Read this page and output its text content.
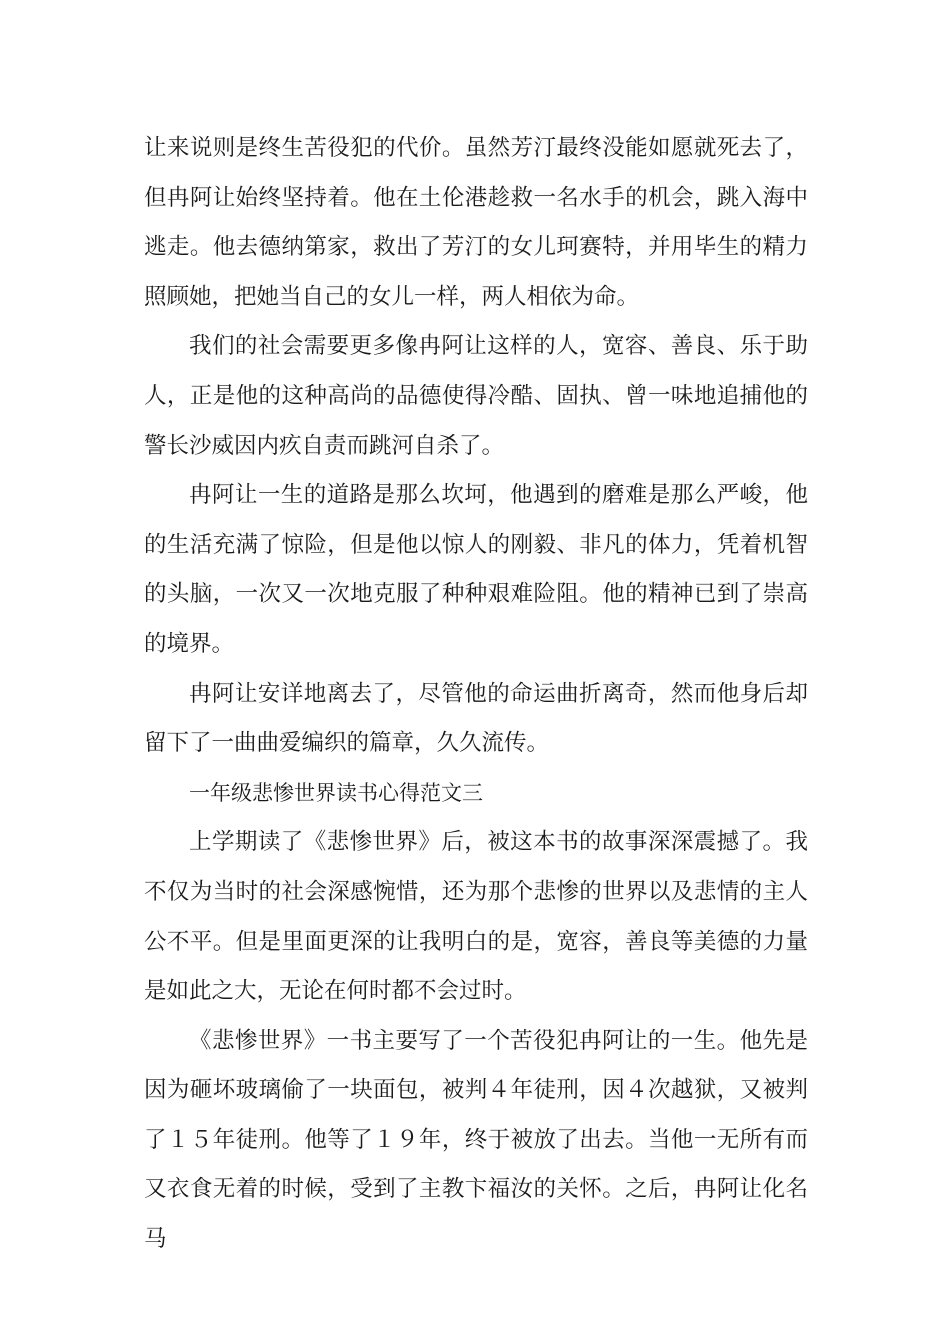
让来说则是终生苦役犯的代价。虽然芳汀最终没能如愿就死去了，但冉阿让始终坚持着。他在土伦港趁救一名水手的机会，跳入海中逃走。他去德纳第家，救出了芳汀的女儿珂赛特，并用毕生的精力照顾她，把她当自己的女儿一样，两人相依为命。

我们的社会需要更多像冉阿让这样的人，宽容、善良、乐于助人，正是他的这种高尚的品德使得冷酷、固执、曾一味地追捕他的警长沙威因内疚自责而跳河自杀了。

冉阿让一生的道路是那么坎坷，他遇到的磨难是那么严峻，他的生活充满了惊险，但是他以惊人的刚毅、非凡的体力，凭着机智的头脑，一次又一次地克服了种种艰难险阻。他的精神已到了崇高的境界。

冉阿让安详地离去了，尽管他的命运曲折离奇，然而他身后却留下了一曲曲爱编织的篇章，久久流传。

一年级悲惨世界读书心得范文三

上学期读了《悲惨世界》后，被这本书的故事深深震撼了。我不仅为当时的社会深感惋惜，还为那个悲惨的世界以及悲情的主人公不平。但是里面更深的让我明白的是，宽容，善良等美德的力量是如此之大，无论在何时都不会过时。

《悲惨世界》一书主要写了一个苦役犯冉阿让的一生。他先是因为砸坏玻璃偷了一块面包，被判４年徒刑，因４次越狱，又被判了１５年徒刑。他等了１９年，终于被放了出去。当他一无所有而又衣食无着的时候，受到了主教卞福汝的关怀。之后，冉阿让化名马
